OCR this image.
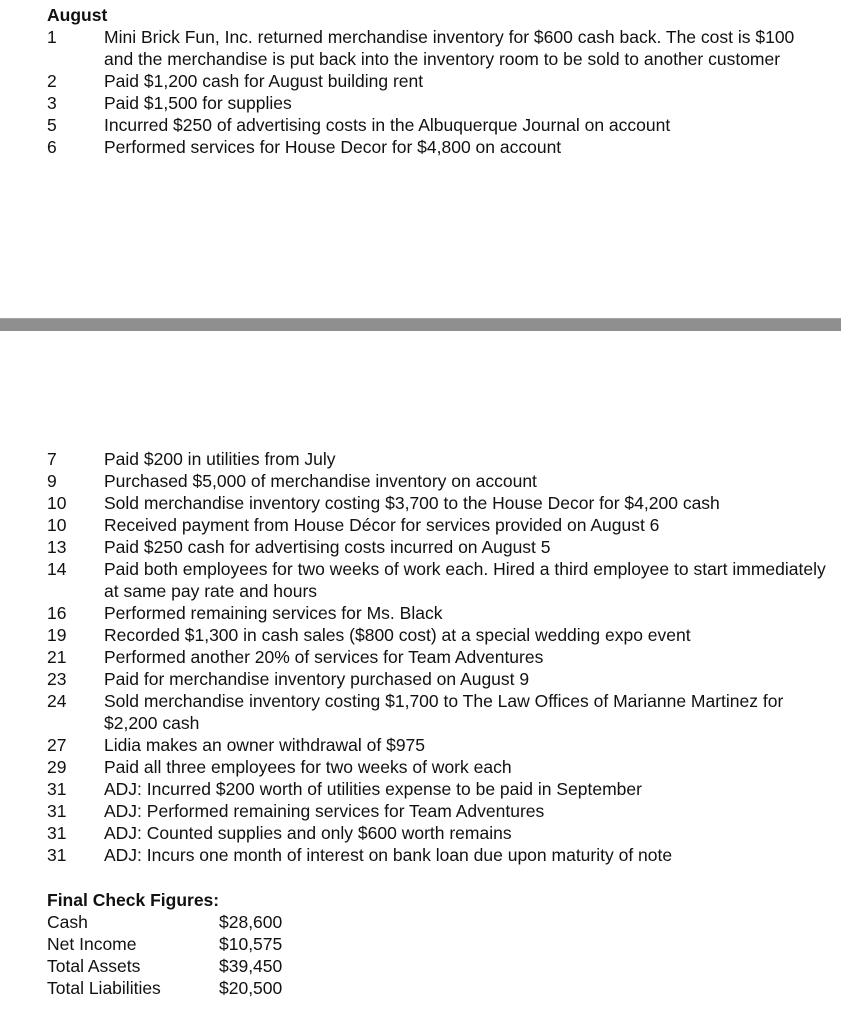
August
1	Mini Brick Fun, Inc. returned merchandise inventory for $600 cash back. The cost is $100 and the merchandise is put back into the inventory room to be sold to another customer
2	Paid $1,200 cash for August building rent
3	Paid $1,500 for supplies
5	Incurred $250 of advertising costs in the Albuquerque Journal on account
6	Performed services for House Decor for $4,800 on account
7	Paid $200 in utilities from July
9	Purchased $5,000 of merchandise inventory on account
10	Sold merchandise inventory costing $3,700 to the House Decor for $4,200 cash
10	Received payment from House Décor for services provided on August 6
13	Paid $250 cash for advertising costs incurred on August 5
14	Paid both employees for two weeks of work each. Hired a third employee to start immediately at same pay rate and hours
16	Performed remaining services for Ms. Black
19	Recorded $1,300 in cash sales ($800 cost) at a special wedding expo event
21	Performed another 20% of services for Team Adventures
23	Paid for merchandise inventory purchased on August 9
24	Sold merchandise inventory costing $1,700 to The Law Offices of Marianne Martinez for $2,200 cash
27	Lidia makes an owner withdrawal of $975
29	Paid all three employees for two weeks of work each
31	ADJ: Incurred $200 worth of utilities expense to be paid in September
31	ADJ: Performed remaining services for Team Adventures
31	ADJ: Counted supplies and only $600 worth remains
31	ADJ: Incurs one month of interest on bank loan due upon maturity of note
Final Check Figures:
Cash	$28,600
Net Income	$10,575
Total Assets	$39,450
Total Liabilities	$20,500
